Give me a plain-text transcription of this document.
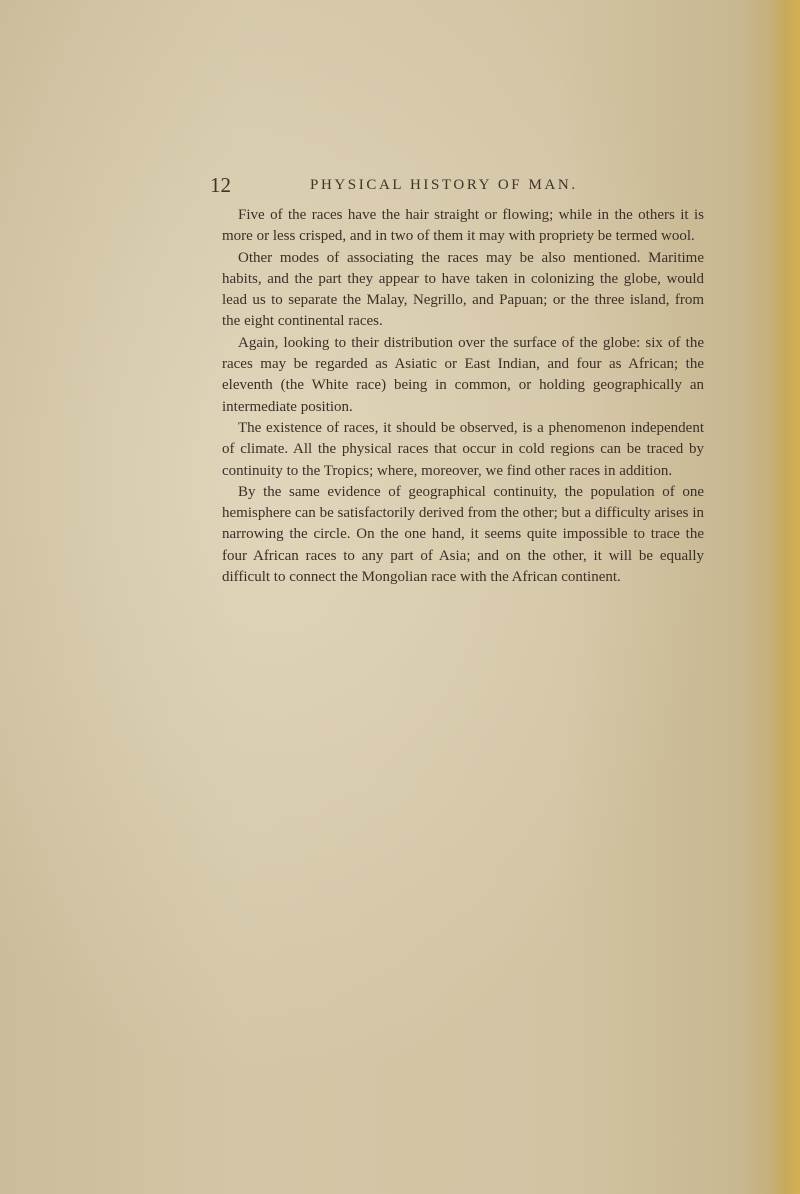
12	PHYSICAL HISTORY OF MAN.

Five of the races have the hair straight or flowing; while in the others it is more or less crisped, and in two of them it may with propriety be termed wool.

Other modes of associating the races may be also mentioned. Maritime habits, and the part they appear to have taken in colonizing the globe, would lead us to separate the Malay, Negrillo, and Papuan; or the three island, from the eight continental races.

Again, looking to their distribution over the surface of the globe: six of the races may be regarded as Asiatic or East Indian, and four as African; the eleventh (the White race) being in common, or holding geographically an intermediate position.

The existence of races, it should be observed, is a phenomenon independent of climate. All the physical races that occur in cold regions can be traced by continuity to the Tropics; where, moreover, we find other races in addition.

By the same evidence of geographical continuity, the population of one hemisphere can be satisfactorily derived from the other; but a difficulty arises in narrowing the circle. On the one hand, it seems quite impossible to trace the four African races to any part of Asia; and on the other, it will be equally difficult to connect the Mongolian race with the African continent.
